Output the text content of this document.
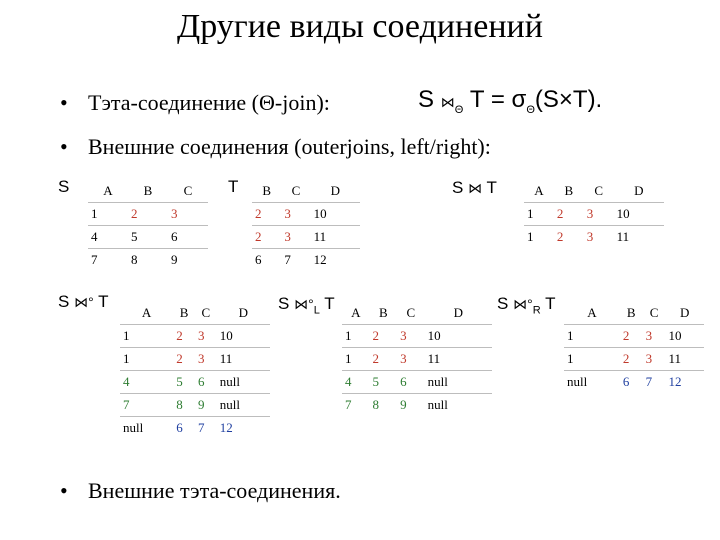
Другие виды соединений
• Тэта-соединение (Θ-join):	S $⋈_\Theta$ $T = \sigma_\Theta(S\times T)$.
• Внешние соединения (outerjoins, left/right):
S	T	S ⋈ T
S ⋈° T	S $⋈^\circ_L$ T	S $⋈^\circ_R$ T
A	B	C
1	2	3
4	5	6
7	8	9
B	C	D
2	3	10
2	3	11
6	7	12
A	B	C	D
1	2	3	10
1	2	3	11
A	B	C	D
1	2	3	10
1	2	3	11
4	5	6	null
7	8	9	null
null	6	7	12
A	B	C	D
1	2	3	10
1	2	3	11
4	5	6	null
7	8	9	null
A	B	C	D
1	2	3	10
1	2	3	11
null	6	7	12
• Внешние тэта-соединения.
